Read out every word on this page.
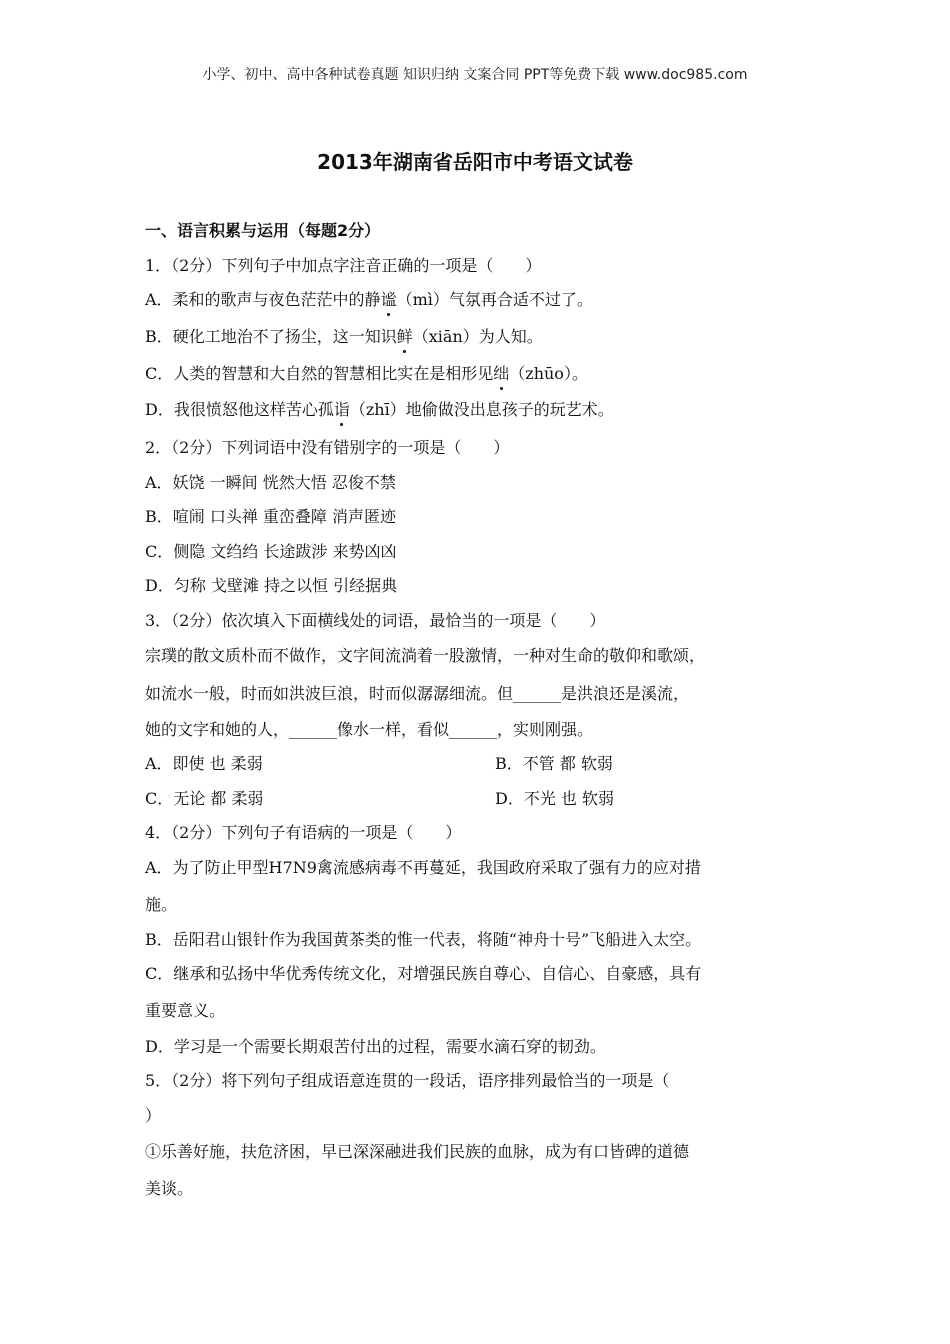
小学、初中、高中各种试卷真题 知识归纳 文案合同 PPT等免费下载 www.doc985.com
2013年湖南省岳阳市中考语文试卷
一、语言积累与运用（每题2分）
1．（2分）下列句子中加点字注音正确的一项是（　　）
A．柔和的歌声与夜色茫茫中的静谧（mì）气氛再合适不过了。
B．硬化工地治不了扬尘，这一知识鲜（xiān）为人知。
C．人类的智慧和大自然的智慧相比实在是相形见绌（zhūo）。
D．我很愤怒他这样苦心孤诣（zhī）地偷做没出息孩子的玩艺术。
2．（2分）下列词语中没有错别字的一项是（　　）
A．妖饶 一瞬间 恍然大悟 忍俊不禁
B．喧闹 口头禅 重峦叠障 消声匿迹
C．侧隐 文绉绉 长途跋涉 来势凶凶
D．匀称 戈壁滩 持之以恒 引经据典
3．（2分）依次填入下面横线处的词语，最恰当的一项是（　　）
宗璞的散文质朴而不做作，文字间流淌着一股激情，一种对生命的敬仰和歌颂，
如流水一般，时而如洪波巨浪，时而似潺潺细流。但______是洪浪还是溪流，
她的文字和她的人，______像水一样，看似______，实则刚强。
A．即使 也 柔弱	B．不管 都 软弱
C．无论 都 柔弱	D．不光 也 软弱
4．（2分）下列句子有语病的一项是（　　）
A．为了防止甲型H7N9禽流感病毒不再蔓延，我国政府采取了强有力的应对措
施。
B．岳阳君山银针作为我国黄茶类的惟一代表，将随“神舟十号”飞船进入太空。
C．继承和弘扬中华优秀传统文化，对增强民族自尊心、自信心、自豪感，具有
重要意义。
D．学习是一个需要长期艰苦付出的过程，需要水滴石穿的韧劲。
5．（2分）将下列句子组成语意连贯的一段话，语序排列最恰当的一项是（
）
①乐善好施，扶危济困，早已深深融进我们民族的血脉，成为有口皆碑的道德
美谈。
